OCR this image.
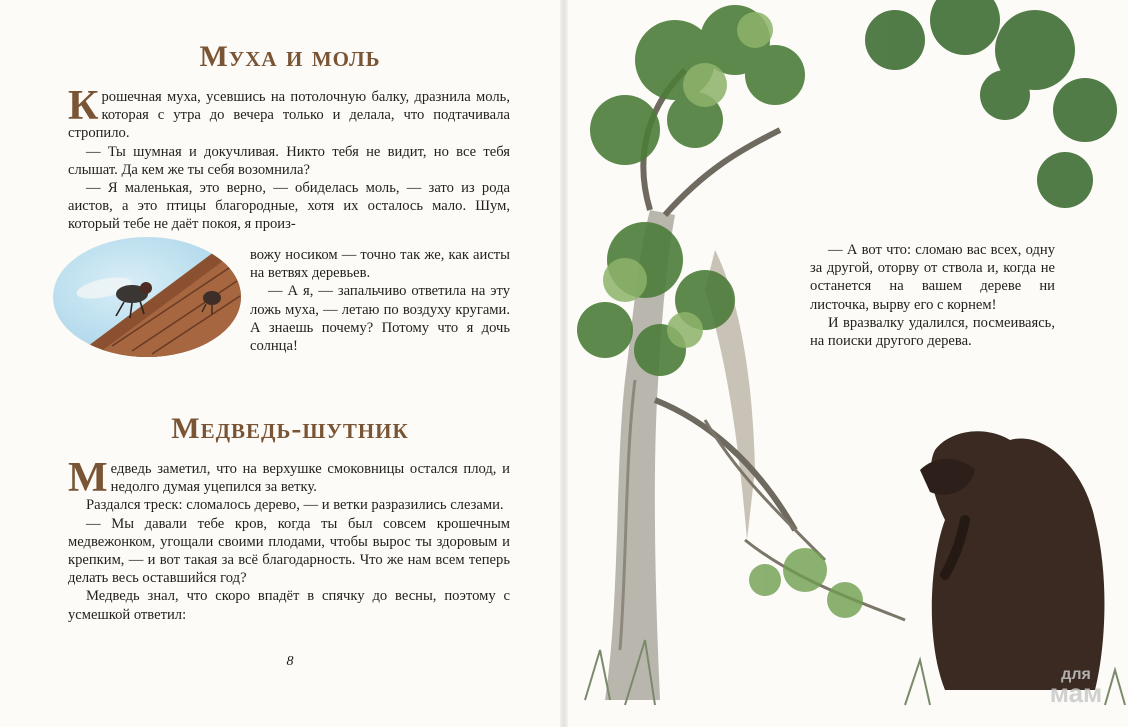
Муха и моль

Крошечная муха, усевшись на потолочную балку, дразнила моль, которая с утра до вечера только и делала, что подтачивала стропило.

— Ты шумная и докучливая. Никто тебя не видит, но все тебя слышат. Да кем же ты себя возомнила?

— Я маленькая, это верно, — обиделась моль, — зато из рода аистов, а это птицы благородные, хотя их осталось мало. Шум, который тебе не даёт покоя, я произ-

вожу носиком — точно так же, как аисты на ветвях деревьев.

— А я, — запальчиво ответила на эту ложь муха, — летаю по воздуху кругами. А знаешь почему? Потому что я дочь солнца!

Медведь-шутник

Медведь заметил, что на верхушке смоковницы остался плод, и недолго думая уцепился за ветку.

Раздался треск: сломалось дерево, — и ветки разразились слезами.

— Мы давали тебе кров, когда ты был совсем крошечным медвежонком, угощали своими плодами, чтобы вырос ты здоровым и крепким, — и вот такая за всё благодарность. Что же нам всем теперь делать весь оставшийся год?

Медведь знал, что скоро впадёт в спячку до весны, поэтому с усмешкой ответил:

8

— А вот что: сломаю вас всех, одну за другой, оторву от ствола и, когда не останется на вашем дереве ни листочка, вырву его с корнем!

И вразвалку удалился, посмеиваясь, на поиски другого дерева.

для
мам
